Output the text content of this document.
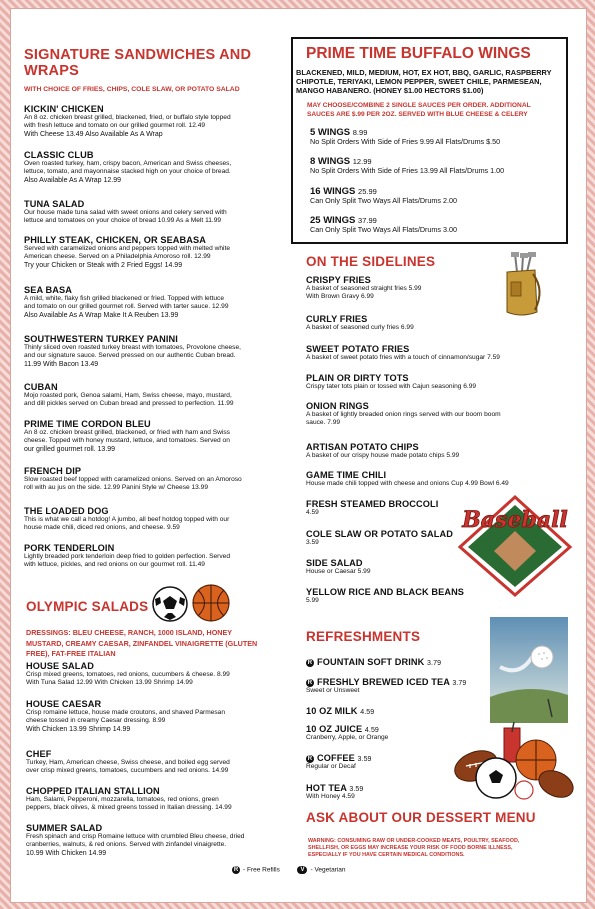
SIGNATURE SANDWICHES AND
WRAPS
WITH CHOICE OF FRIES, CHIPS, COLE SLAW, OR POTATO SALAD
KICKIN' CHICKEN
An 8 oz. chicken breast grilled, blackened, fried, or buffalo style topped
with fresh lettuce and tomato on our grilled gourmet roll. 12.49
With Cheese 13.49 Also Available As A Wrap
CLASSIC CLUB
Oven roasted turkey, ham, crispy bacon, American and Swiss cheeses,
lettuce, tomato, and mayonnaise stacked high on your choice of bread.
Also Available As A Wrap 12.99
TUNA SALAD
Our house made tuna salad with sweet onions and celery served with
lettuce and tomatoes on your choice of bread 10.99 As a Melt 11.99
PHILLY STEAK, CHICKEN, OR SEABASA
Served with caramelized onions and peppers topped with melted white
American cheese. Served on a Philadelphia Amoroso roll. 12.99
Try your Chicken or Steak with 2 Fried Eggs! 14.99
SEA BASA
A mild, white, flaky fish grilled blackened or fried. Topped with lettuce
and tomato on our grilled gourmet roll. Served with tarter sauce. 12.99
Also Available As A Wrap Make It A Reuben 13.99
SOUTHWESTERN TURKEY PANINI
Thinly sliced oven roasted turkey breast with tomatoes, Provolone cheese,
and our signature sauce. Served pressed on our authentic Cuban bread.
11.99 With Bacon 13.49
CUBAN
Mojo roasted pork, Genoa salami, Ham, Swiss cheese, mayo, mustard,
and dill pickles served on Cuban bread and pressed to perfection. 11.99
PRIME TIME CORDON BLEU
An 8 oz. chicken breast grilled, blackened, or fried with ham and Swiss
cheese. Topped with honey mustard, lettuce, and tomatoes. Served on
our grilled gourmet roll. 13.99
FRENCH DIP
Slow roasted beef topped with caramelized onions. Served on an Amoroso
roll with au jus on the side. 12.99 Panini Style w/ Cheese 13.99
THE LOADED DOG
This is what we call a hotdog! A jumbo, all beef hotdog topped with our
house made chili, diced red onions, and cheese. 9.59
PORK TENDERLOIN
Lightly breaded pork tenderloin deep fried to golden perfection. Served
with lettuce, pickles, and red onions on our gourmet roll. 11.49
OLYMPIC SALADS
DRESSINGS: BLEU CHEESE, RANCH, 1000 ISLAND, HONEY
MUSTARD, CREAMY CAESAR, ZINFANDEL VINAIGRETTE (GLUTEN
FREE), FAT-FREE ITALIAN
HOUSE SALAD
Crisp mixed greens, tomatoes, red onions, cucumbers & cheese. 8.99
With Tuna Salad 12.99 With Chicken 13.99 Shrimp 14.99
HOUSE CAESAR
Crisp romaine lettuce, house made croutons, and shaved Parmesan
cheese tossed in creamy Caesar dressing. 8.99
With Chicken 13.99 Shrimp 14.99
CHEF
Turkey, Ham, American cheese, Swiss cheese, and boiled egg served
over crisp mixed greens, tomatoes, cucumbers and red onions. 14.99
CHOPPED ITALIAN STALLION
Ham, Salami, Pepperoni, mozzarella, tomatoes, red onions, green
peppers, black olives, & mixed greens tossed in Italian dressing. 14.99
SUMMER SALAD
Fresh spinach and crisp Romaine lettuce with crumbled Bleu cheese, dried
cranberries, walnuts, & red onions. Served with zinfandel vinaigrette.
10.99 With Chicken 14.99
PRIME TIME BUFFALO WINGS
BLACKENED, MILD, MEDIUM, HOT, EX HOT, BBQ, GARLIC, RASPBERRY
CHIPOTLE, TERIYAKI, LEMON PEPPER, SWEET CHILE, PARMESEAN,
MANGO HABANERO. (HONEY $1.00 HECTORS $1.00)
MAY CHOOSE/COMBINE 2 SINGLE SAUCES PER ORDER. ADDITIONAL
SAUCES ARE $.99 PER 2OZ. SERVED WITH BLUE CHEESE & CELERY
5 WINGS 8.99
No Split Orders With Side of Fries 9.99 All Flats/Drums $.50
8 WINGS 12.99
No Split Orders With Side of Fries 13.99 All Flats/Drums 1.00
16 WINGS 25.99
Can Only Split Two Ways All Flats/Drums 2.00
25 WINGS 37.99
Can Only Split Two Ways All Flats/Drums 3.00
ON THE SIDELINES
CRISPY FRIES
A basket of seasoned straight fries 5.99
With Brown Gravy 6.99
CURLY FRIES
A basket of seasoned curly fries 6.99
SWEET POTATO FRIES
A basket of sweet potato fries with a touch of cinnamon/sugar 7.59
PLAIN OR DIRTY TOTS
Crispy tater tots plain or tossed with Cajun seasoning 6.99
ONION RINGS
A basket of lightly breaded onion rings served with our boom boom
sauce. 7.99
ARTISAN POTATO CHIPS
A basket of our crispy house made potato chips 5.99
GAME TIME CHILI
House made chili topped with cheese and onions Cup 4.99 Bowl 6.49
FRESH STEAMED BROCCOLI
4.59
COLE SLAW OR POTATO SALAD
3.59
SIDE SALAD
House or Caesar 5.99
YELLOW RICE AND BLACK BEANS
5.99
Baseball
REFRESHMENTS
R FOUNTAIN SOFT DRINK 3.79
R FRESHLY BREWED ICED TEA 3.79
Sweet or Unsweet
10 OZ MILK 4.59
10 OZ JUICE 4.59
Cranberry, Apple, or Orange
R COFFEE 3.59
Regular or Decaf
HOT TEA 3.59
With Honey 4.59
ASK ABOUT OUR DESSERT MENU
WARNING: CONSUMING RAW OR UNDER-COOKED MEATS, POULTRY, SEAFOOD,
SHELLFISH, OR EGGS MAY INCREASE YOUR RISK OF FOOD BORNE ILLNESS,
ESPECIALLY IF YOU HAVE CERTAIN MEDICAL CONDITIONS.
R - Free Refills	V - Vegetarian
